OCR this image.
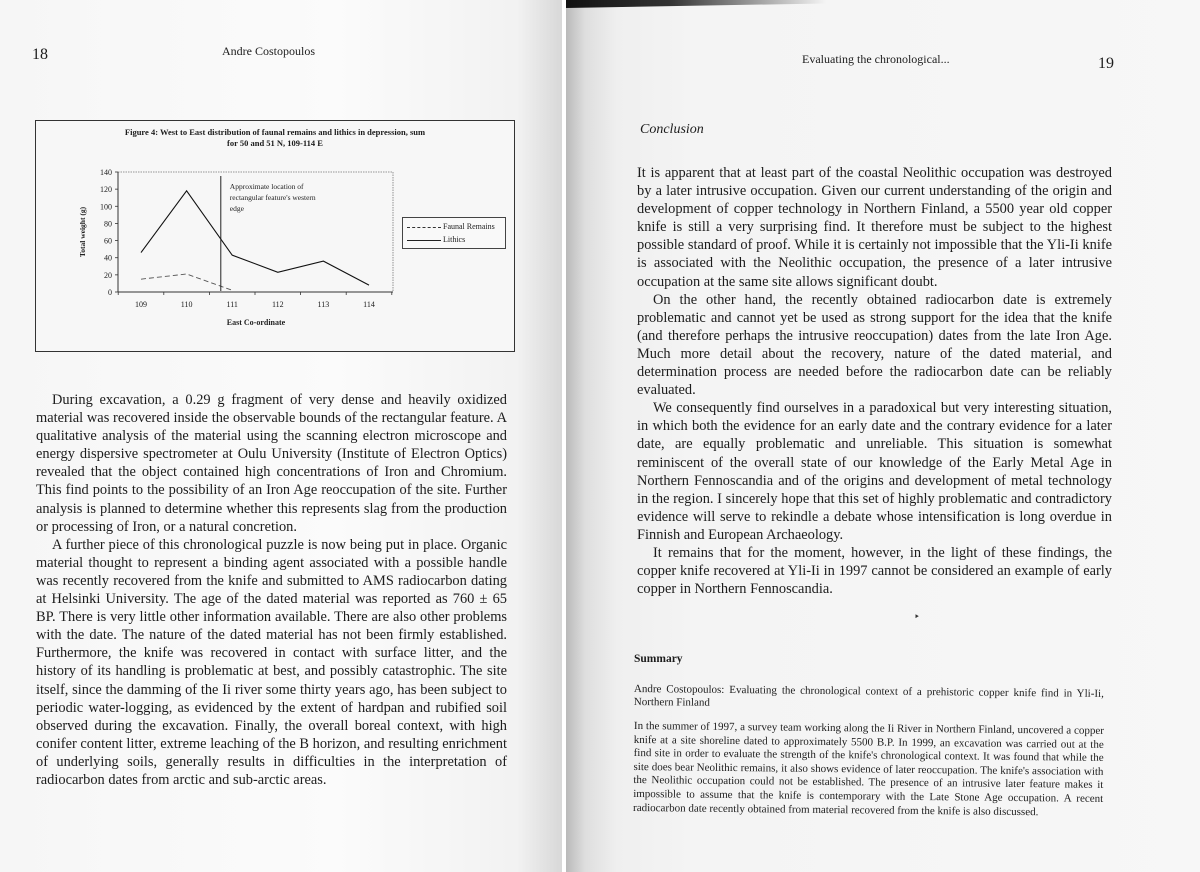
18	Andre Costopoulos
Figure 4: West to East distribution of faunal remains and lithics in depression, sum
for 50 and 51 N, 109-114 E
0
20
40
60
80
100
120
140
109	110	111	112	113	114
East Co-ordinate
Total weight (g)
Approximate location of
rectangular feature's western
edge
Faunal Remains
Lithics

During excavation, a 0.29 g fragment of very dense and heavily oxidized material was recovered inside the observable bounds of the rectangular feature. A qualitative analysis of the material using the scanning electron microscope and energy dispersive spectrometer at Oulu University (Institute of Electron Optics) revealed that the object contained high concentrations of Iron and Chromium. This find points to the possibility of an Iron Age reoccupation of the site. Further analysis is planned to determine whether this represents slag from the production or processing of Iron, or a natural concretion.

A further piece of this chronological puzzle is now being put in place. Organic material thought to represent a binding agent associated with a possible handle was recently recovered from the knife and submitted to AMS radiocarbon dating at Helsinki University. The age of the dated material was reported as 760 ± 65 BP. There is very little other information available. There are also other problems with the date. The nature of the dated material has not been firmly established. Furthermore, the knife was recovered in contact with surface litter, and the history of its handling is problematic at best, and possibly catastrophic. The site itself, since the damming of the Ii river some thirty years ago, has been subject to periodic water-logging, as evidenced by the extent of hardpan and rubified soil observed during the excavation. Finally, the overall boreal context, with high conifer content litter, extreme leaching of the B horizon, and resulting enrichment of underlying soils, generally results in difficulties in the interpretation of radiocarbon dates from arctic and sub-arctic areas.

Evaluating the chronological...	19
Conclusion

It is apparent that at least part of the coastal Neolithic occupation was destroyed by a later intrusive occupation. Given our current understanding of the origin and development of copper technology in Northern Finland, a 5500 year old copper knife is still a very surprising find. It therefore must be subject to the highest possible standard of proof. While it is certainly not impossible that the Yli-Ii knife is associated with the Neolithic occupation, the presence of a later intrusive occupation at the same site allows significant doubt.

On the other hand, the recently obtained radiocarbon date is extremely problematic and cannot yet be used as strong support for the idea that the knife (and therefore perhaps the intrusive reoccupation) dates from the late Iron Age. Much more detail about the recovery, nature of the dated material, and determination process are needed before the radiocarbon date can be reliably evaluated.

We consequently find ourselves in a paradoxical but very interesting situation, in which both the evidence for an early date and the contrary evidence for a later date, are equally problematic and unreliable. This situation is somewhat reminiscent of the overall state of our knowledge of the Early Metal Age in Northern Fennoscandia and of the origins and development of metal technology in the region. I sincerely hope that this set of highly problematic and contradictory evidence will serve to rekindle a debate whose intensification is long overdue in Finnish and European Archaeology.

It remains that for the moment, however, in the light of these findings, the copper knife recovered at Yli-Ii in 1997 cannot be considered an example of early copper in Northern Fennoscandia.

‣
Summary
Andre Costopoulos: Evaluating the chronological context of a prehistoric copper knife find in Yli-Ii, Northern Finland
In the summer of 1997, a survey team working along the Ii River in Northern Finland, uncovered a copper knife at a site shoreline dated to approximately 5500 B.P. In 1999, an excavation was carried out at the find site in order to evaluate the strength of the knife's chronological context. It was found that while the site does bear Neolithic remains, it also shows evidence of later reoccupation. The knife's association with the Neolithic occupation could not be established. The presence of an intrusive later feature makes it impossible to assume that the knife is contemporary with the Late Stone Age occupation. A recent radiocarbon date recently obtained from material recovered from the knife is also discussed.
